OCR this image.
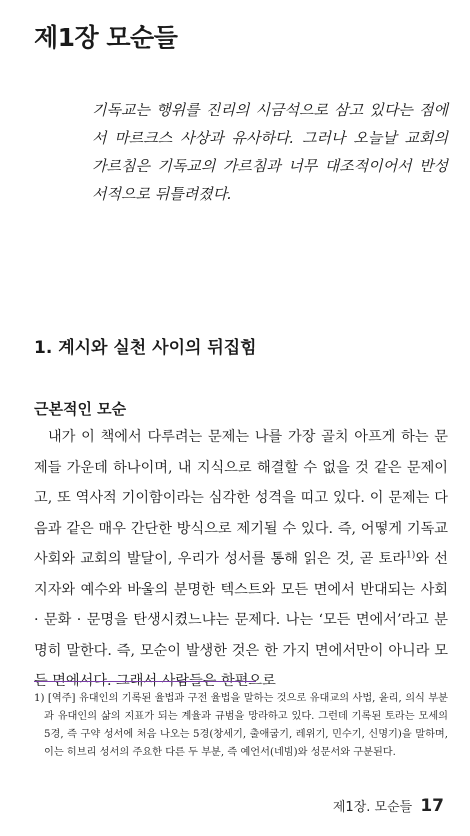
제1장 모순들

기독교는 행위를 진리의 시금석으로 삼고 있다는 점에서 마르크스 사상과 유사하다. 그러나 오늘날 교회의 가르침은 기독교의 가르침과 너무 대조적이어서 반성서적으로 뒤틀려졌다.

1. 계시와 실천 사이의 뒤집힘
근본적인 모순

내가 이 책에서 다루려는 문제는 나를 가장 골치 아프게 하는 문제들 가운데 하나이며, 내 지식으로 해결할 수 없을 것 같은 문제이고, 또 역사적 기이함이라는 심각한 성격을 띠고 있다. 이 문제는 다음과 같은 매우 간단한 방식으로 제기될 수 있다. 즉, 어떻게 기독교 사회와 교회의 발달이, 우리가 성서를 통해 읽은 것, 곧 토라$^{1)}$와 선지자와 예수와 바울의 분명한 텍스트와 모든 면에서 반대되는 사회 · 문화 · 문명을 탄생시켰느냐는 문제다. 나는 ‘모든 면에서’라고 분명히 말한다. 즉, 모순이 발생한 것은 한 가지 면에서만이 아니라 모든 면에서다. 그래서 사람들은 한편으로

1) [역주] 유대인의 기록된 율법과 구전 율법을 말하는 것으로 유대교의 사법, 윤리, 의식 부분과 유대인의 삶의 지표가 되는 계율과 규범을 망라하고 있다. 그런데 기록된 토라는 모세의 5경, 즉 구약 성서에 처음 나오는 5경(창세기, 출애굽기, 레위기, 민수기, 신명기)을 말하며, 이는 히브리 성서의 주요한 다른 두 부분, 즉 예언서(네빔)와 성문서와 구분된다.

제1장. 모순들 17
